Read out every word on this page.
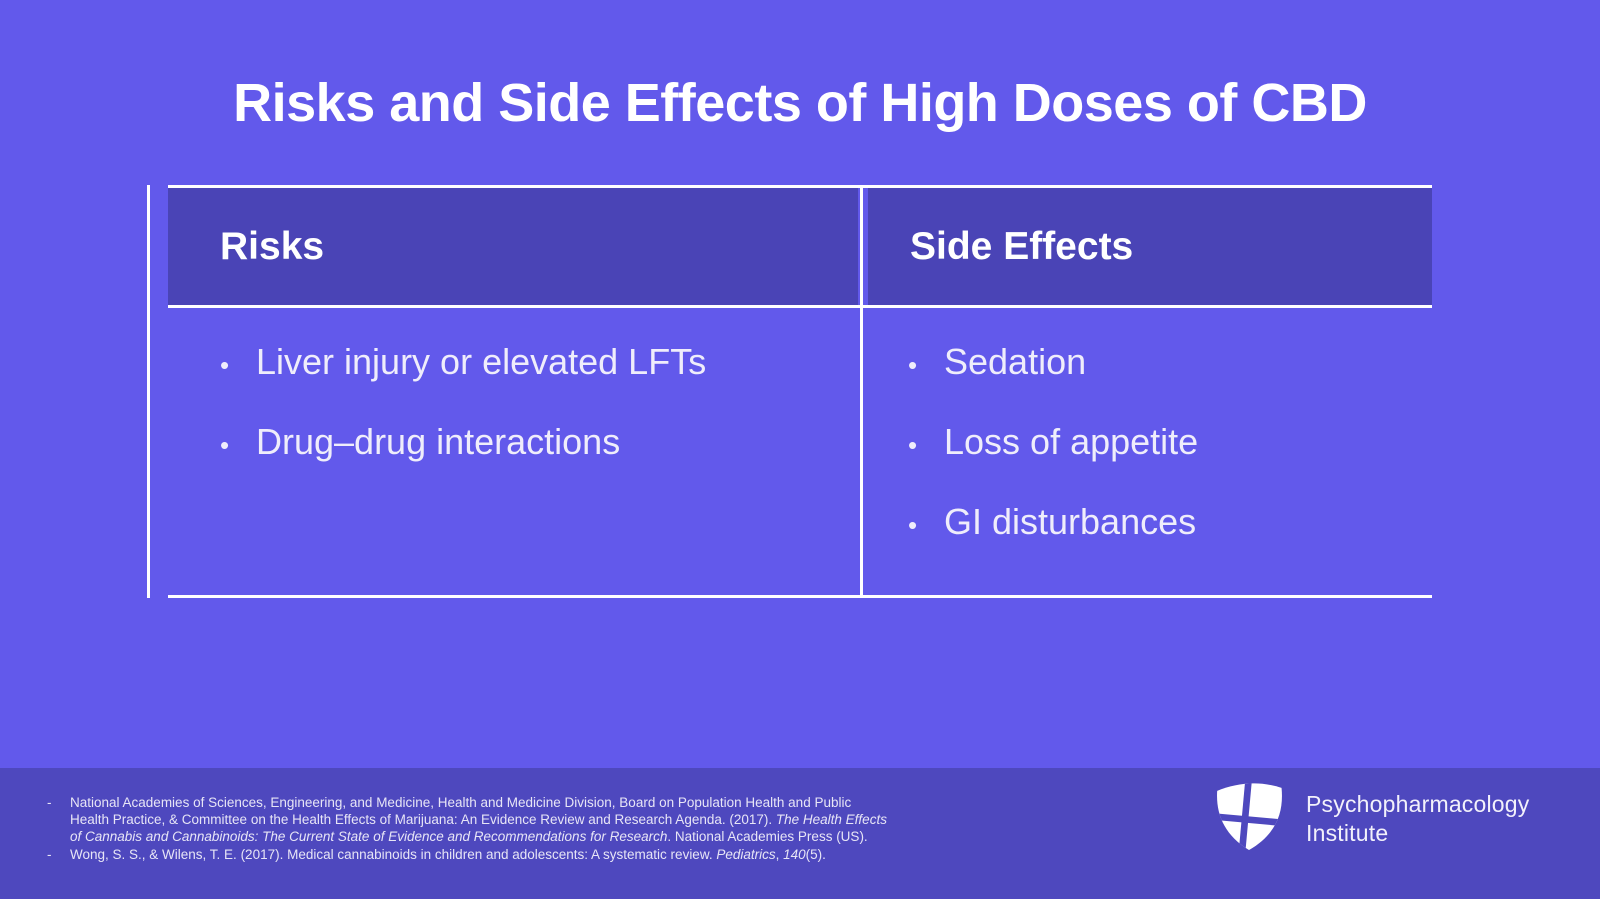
Risks and Side Effects of High Doses of CBD
Risks	Side Effects
• Liver injury or elevated LFTs
• Drug–drug interactions
• Sedation
• Loss of appetite
• GI disturbances
- National Academies of Sciences, Engineering, and Medicine, Health and Medicine Division, Board on Population Health and Public
Health Practice, & Committee on the Health Effects of Marijuana: An Evidence Review and Research Agenda. (2017). The Health Effects
of Cannabis and Cannabinoids: The Current State of Evidence and Recommendations for Research. National Academies Press (US).
- Wong, S. S., & Wilens, T. E. (2017). Medical cannabinoids in children and adolescents: A systematic review. Pediatrics, 140(5).
Psychopharmacology
Institute
